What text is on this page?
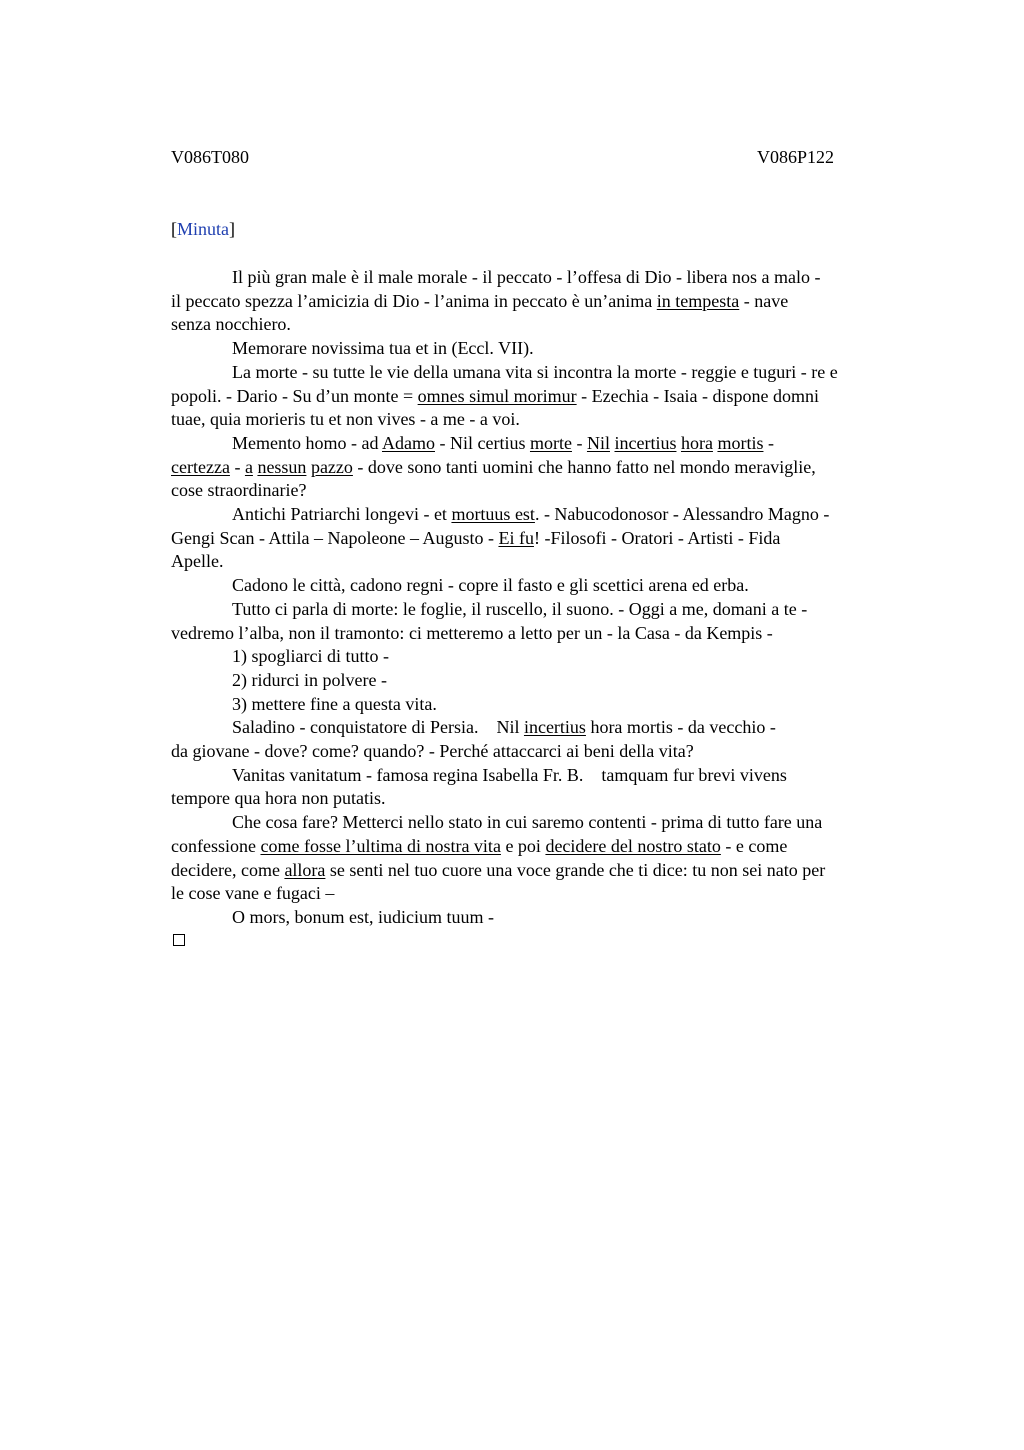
V086T080	V086P122
[Minuta]

Il più gran male è il male morale - il peccato - l’offesa di Dio - libera nos a malo -

il peccato spezza l’amicizia di Dio - l’anima in peccato è un’anima in tempesta - nave

senza nocchiero.

Memorare novissima tua et in (Eccl. VII).

La morte - su tutte le vie della umana vita si incontra la morte - reggie e tuguri - re e

popoli. - Dario - Su d’un monte = omnes simul morimur - Ezechia - Isaia - dispone domni

tuae, quia morieris tu et non vives - a me - a voi.

Memento homo - ad Adamo - Nil certius morte - Nil incertius hora mortis -

certezza - a nessun pazzo - dove sono tanti uomini che hanno fatto nel mondo meraviglie,

cose straordinarie?

Antichi Patriarchi longevi - et mortuus est. - Nabucodonosor - Alessandro Magno -

Gengi Scan - Attila – Napoleone – Augusto - Ei fu! -Filosofi - Oratori - Artisti - Fida

Apelle.

Cadono le città, cadono regni - copre il fasto e gli scettici arena ed erba.

Tutto ci parla di morte: le foglie, il ruscello, il suono. - Oggi a me, domani a te -

vedremo l’alba, non il tramonto: ci metteremo a letto per un - la Casa - da Kempis -

1) spogliarci di tutto -

2) ridurci in polvere -

3) mettere fine a questa vita.

Saladino - conquistatore di Persia.    Nil incertius hora mortis - da vecchio -

da giovane - dove? come? quando? - Perché attaccarci ai beni della vita?

Vanitas vanitatum - famosa regina Isabella Fr. B.    tamquam fur brevi vivens

tempore qua hora non putatis.

Che cosa fare? Metterci nello stato in cui saremo contenti - prima di tutto fare una

confessione come fosse l’ultima di nostra vita e poi decidere del nostro stato - e come

decidere, come allora se senti nel tuo cuore una voce grande che ti dice: tu non sei nato per

le cose vane e fugaci –

O mors, bonum est, iudicium tuum -
